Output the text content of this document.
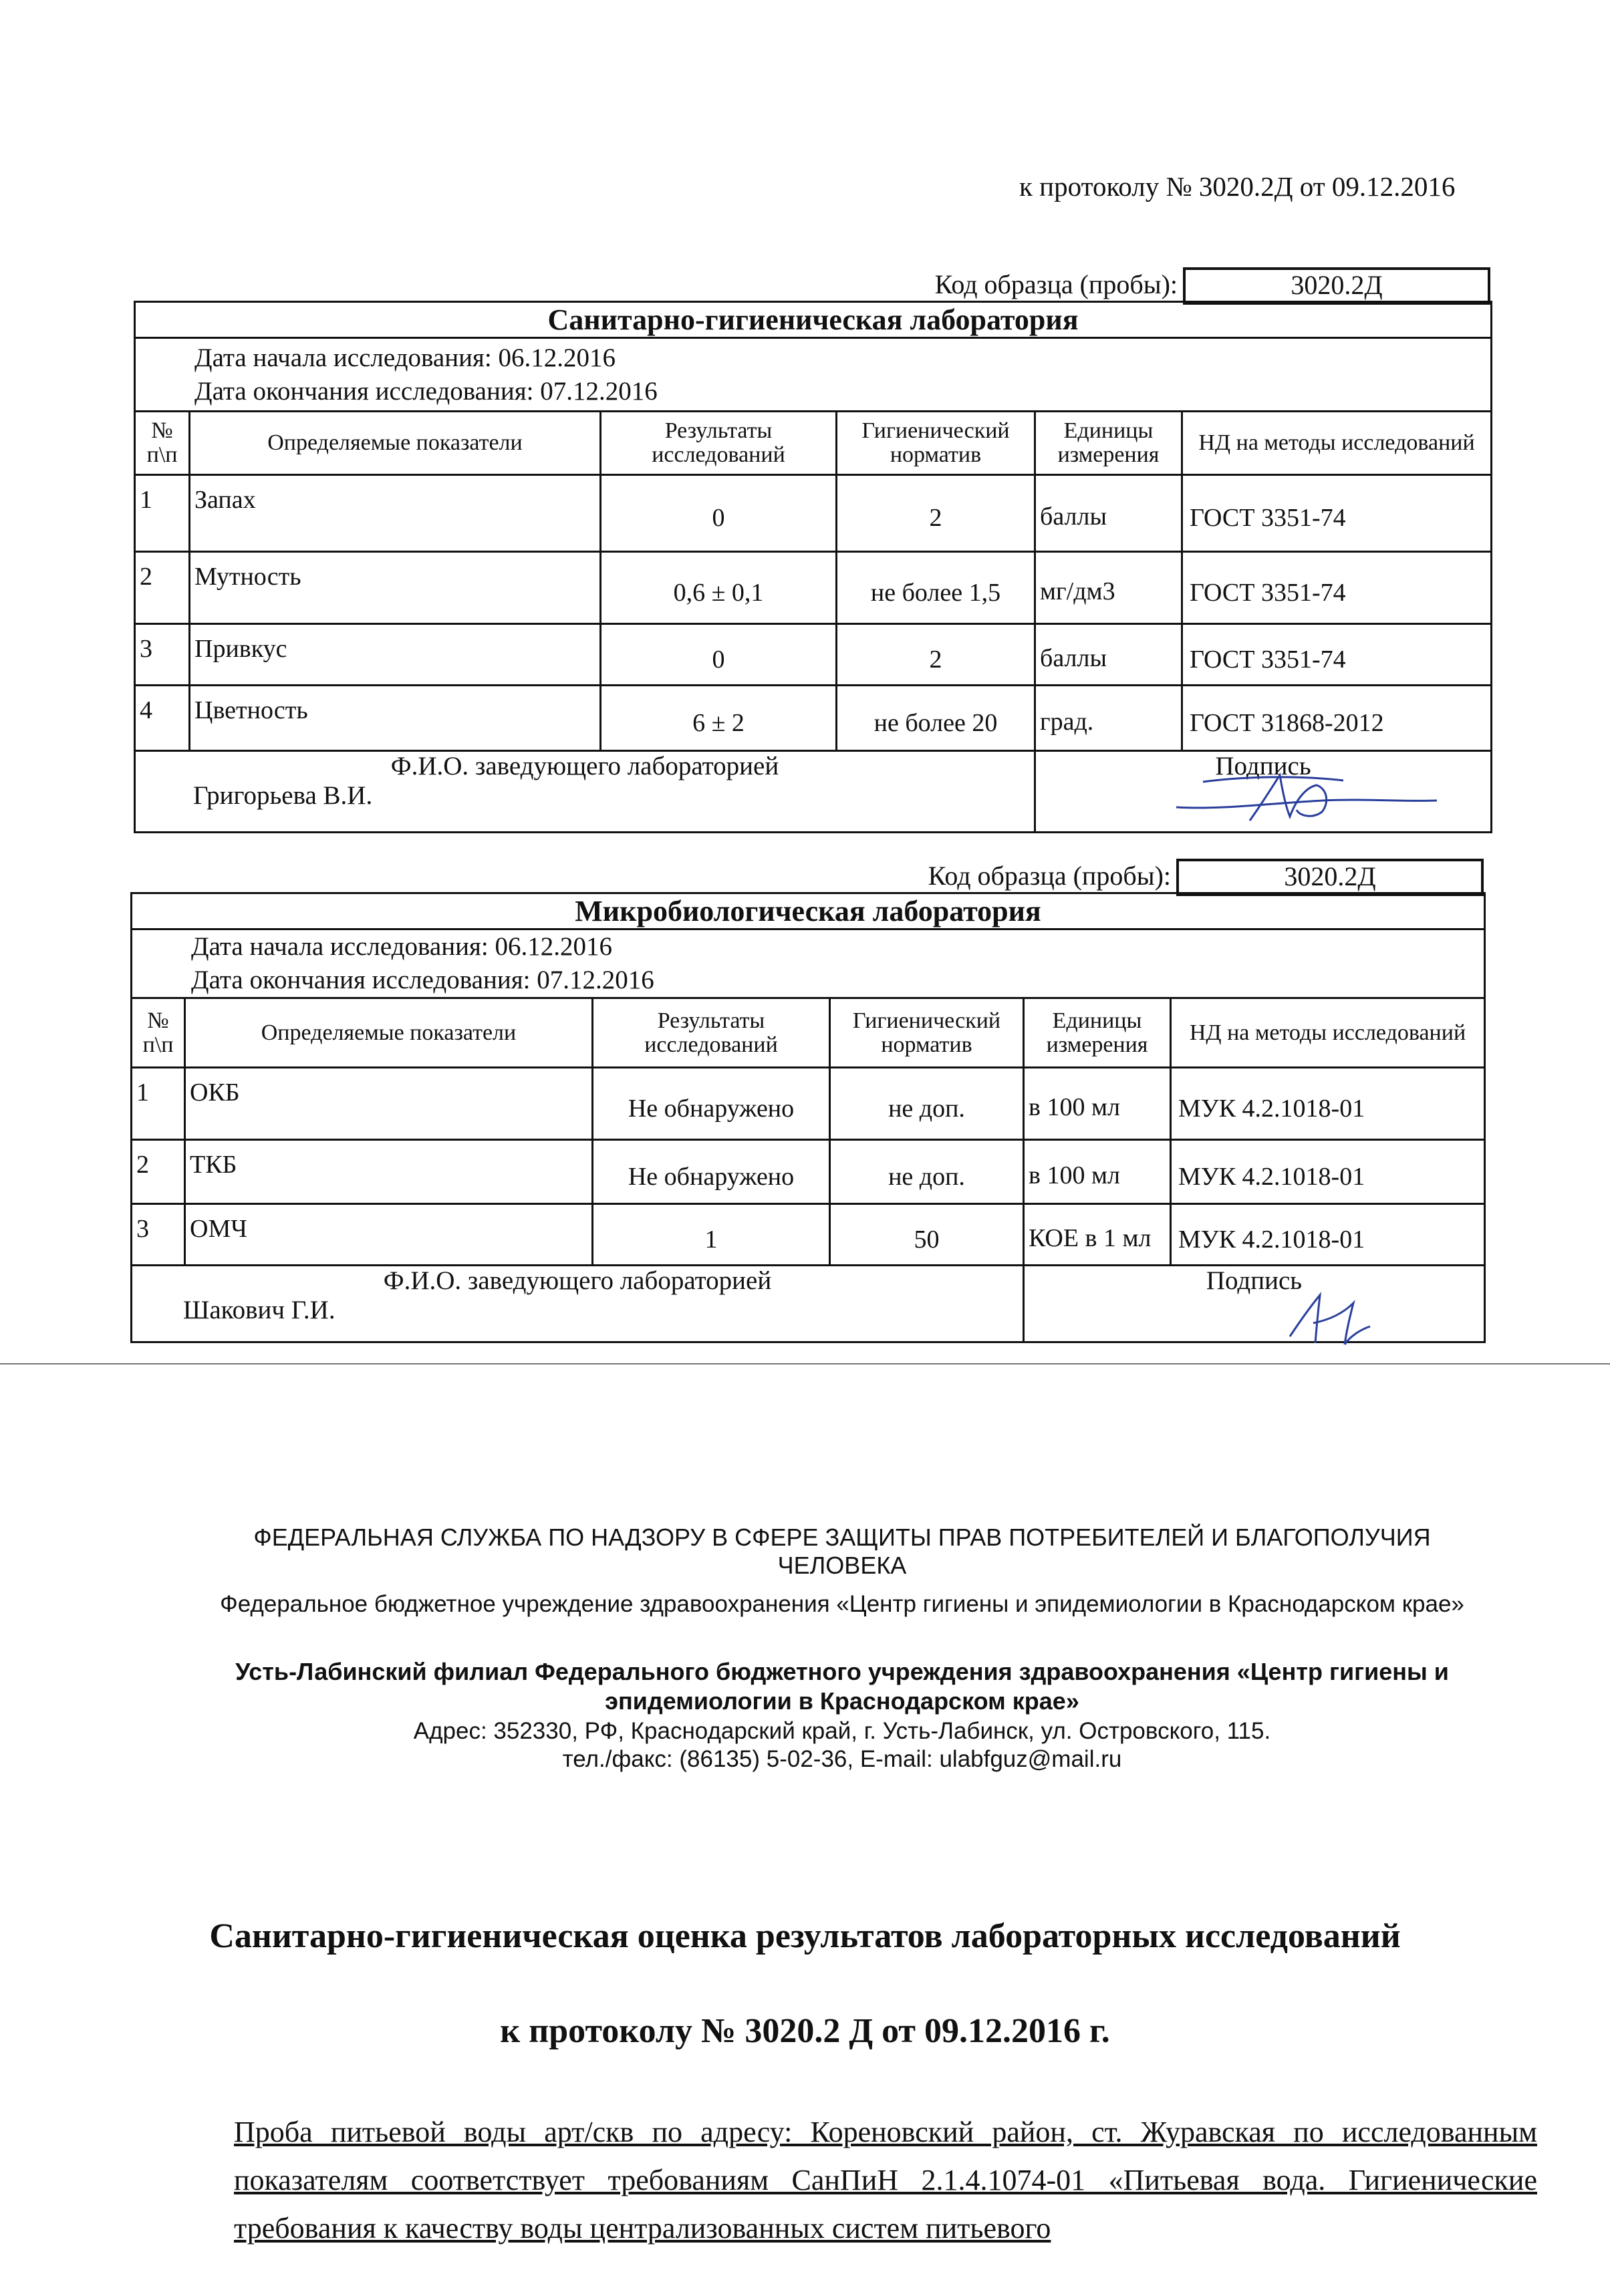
к протоколу № 3020.2Д от 09.12.2016
Код образца (пробы):	3020.2Д
Санитарно-гигиеническая лаборатория					

Дата начала исследования: 06.12.2016
Дата окончания исследования: 07.12.2016					

№ п\п	Определяемые показатели	Результаты исследований	Гигиенический норматив	Единицы измерения	НД на методы исследований
1	Запах	0	2	баллы	ГОСТ 3351-74
2	Мутность	0,6 ± 0,1	не более 1,5	мг/дм3	ГОСТ 3351-74
3	Привкус	0	2	баллы	ГОСТ 3351-74
4	Цветность	6 ± 2	не более 20	град.	ГОСТ 31868-2012

Ф.И.О. заведующего лабораторией
Григорьева В.И.				Подпись	
Код образца (пробы):	3020.2Д
Микробиологическая лаборатория					

Дата начала исследования: 06.12.2016
Дата окончания исследования: 07.12.2016					

№ п\п	Определяемые показатели	Результаты исследований	Гигиенический норматив	Единицы измерения	НД на методы исследований
1	ОКБ	Не обнаружено	не доп.	в 100 мл	МУК 4.2.1018-01
2	ТКБ	Не обнаружено	не доп.	в 100 мл	МУК 4.2.1018-01
3	ОМЧ	1	50	КОЕ в 1 мл	МУК 4.2.1018-01

Ф.И.О. заведующего лабораторией
Шакович Г.И.				Подпись	
ФЕДЕРАЛЬНАЯ СЛУЖБА ПО НАДЗОРУ В СФЕРЕ ЗАЩИТЫ ПРАВ ПОТРЕБИТЕЛЕЙ И БЛАГОПОЛУЧИЯ ЧЕЛОВЕКА
Федеральное бюджетное учреждение здравоохранения «Центр гигиены и эпидемиологии в Краснодарском крае»
Усть-Лабинский филиал Федерального бюджетного учреждения здравоохранения «Центр гигиены и эпидемиологии в Краснодарском крае»
Адрес: 352330, РФ, Краснодарский край, г. Усть-Лабинск, ул. Островского, 115.
тел./факс: (86135) 5-02-36, E-mail: ulabfguz@mail.ru
Санитарно-гигиеническая оценка результатов лабораторных исследований
к протоколу № 3020.2 Д от 09.12.2016 г.
Проба питьевой воды арт/скв по адресу: Кореновский район, ст. Журавская по исследованным показателям соответствует требованиям СанПиН 2.1.4.1074-01 «Питьевая вода. Гигиенические требования к качеству воды централизованных систем питьевого
